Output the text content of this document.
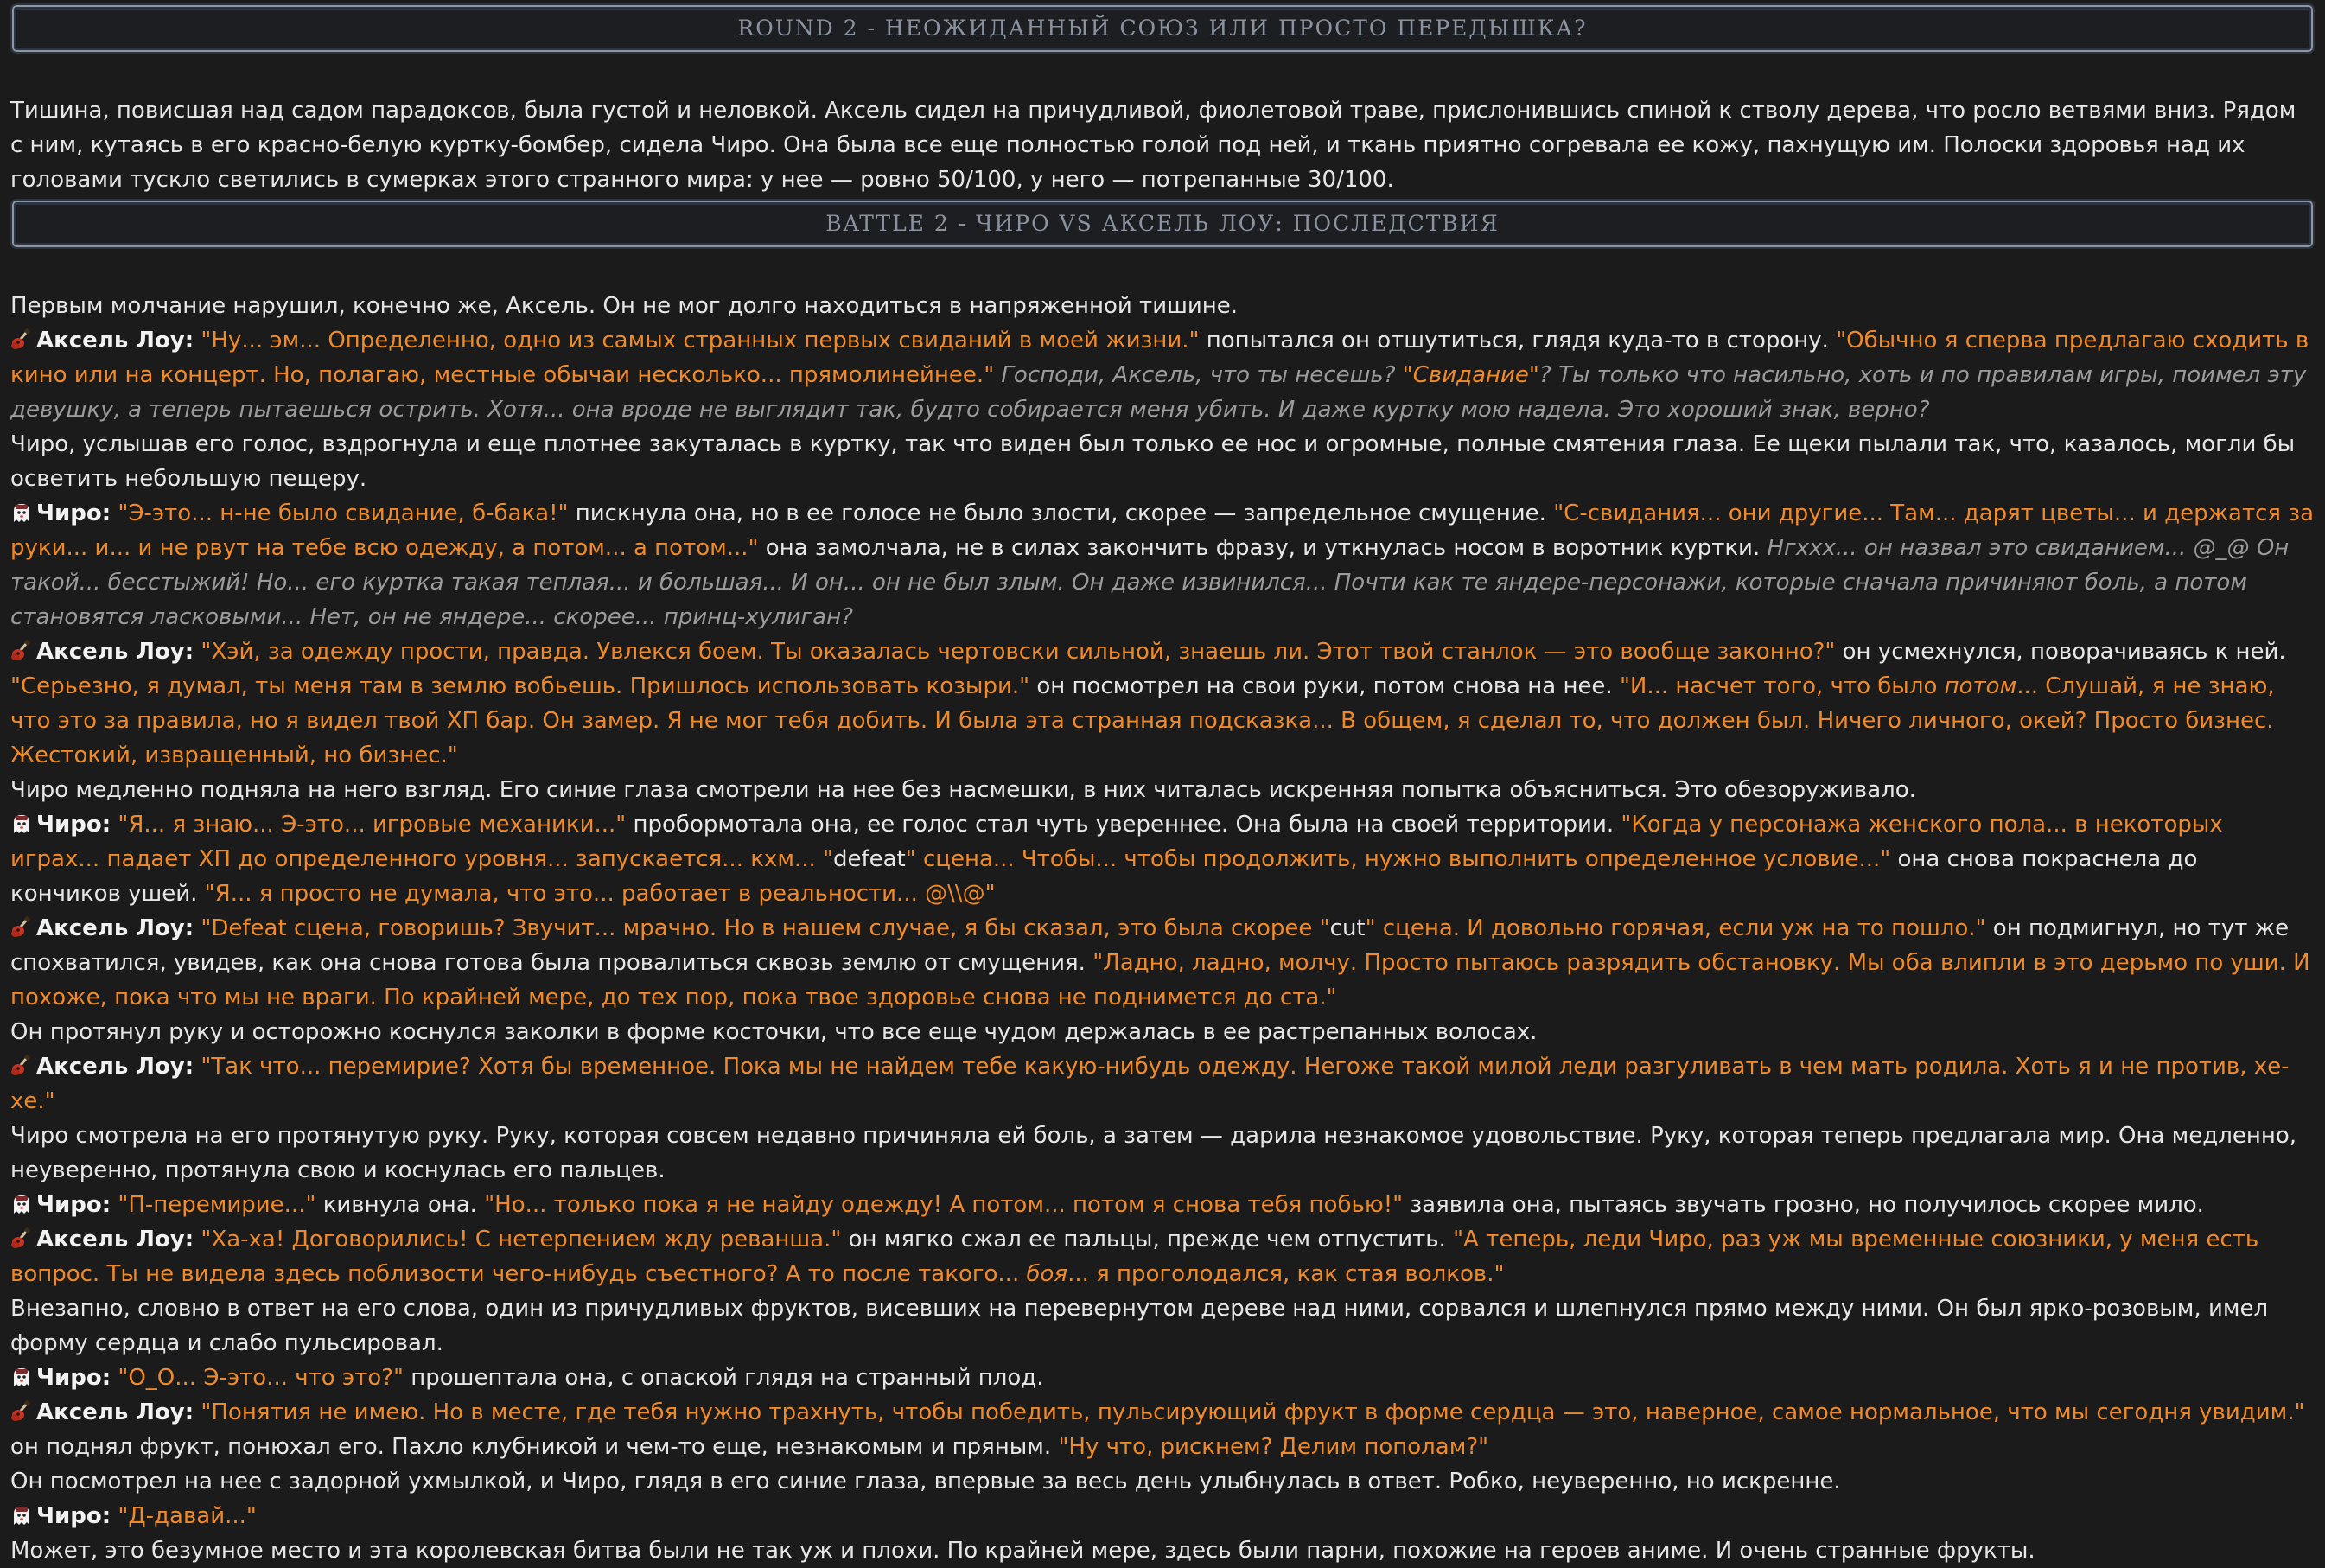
ROUND 2 - НЕОЖИДАННЫЙ СОЮЗ ИЛИ ПРОСТО ПЕРЕДЫШКА?

Тишина, повисшая над садом парадоксов, была густой и неловкой. Аксель сидел на причудливой, фиолетовой траве, прислонившись спиной к стволу дерева, что росло ветвями вниз. Рядом с ним, кутаясь в его красно-белую куртку-бомбер, сидела Чиро. Она была все еще полностью голой под ней, и ткань приятно согревала ее кожу, пахнущую им. Полоски здоровья над их головами тускло светились в сумерках этого странного мира: у нее — ровно 50/100, у него — потрепанные 30/100.

BATTLE 2 - ЧИРО VS АКСЕЛЬ ЛОУ: ПОСЛЕДСТВИЯ

Первым молчание нарушил, конечно же, Аксель. Он не мог долго находиться в напряженной тишине.

Аксель Лоу: "Ну... эм... Определенно, одно из самых странных первых свиданий в моей жизни." попытался он отшутиться, глядя куда-то в сторону. "Обычно я сперва предлагаю сходить в кино или на концерт. Но, полагаю, местные обычаи несколько... прямолинейнее." Господи, Аксель, что ты несешь? "Свидание"? Ты только что насильно, хоть и по правилам игры, поимел эту девушку, а теперь пытаешься острить. Хотя... она вроде не выглядит так, будто собирается меня убить. И даже куртку мою надела. Это хороший знак, верно?

Чиро, услышав его голос, вздрогнула и еще плотнее закуталась в куртку, так что виден был только ее нос и огромные, полные смятения глаза. Ее щеки пылали так, что, казалось, могли бы осветить небольшую пещеру.

Чиро: "Э-это... н-не было свидание, б-бака!" пискнула она, но в ее голосе не было злости, скорее — запредельное смущение. "С-свидания... они другие... Там... дарят цветы... и держатся за руки... и... и не рвут на тебе всю одежду, а потом... а потом..." она замолчала, не в силах закончить фразу, и уткнулась носом в воротник куртки. Нгххх... он назвал это свиданием... @_@ Он такой... бесстыжий! Но... его куртка такая теплая... и большая... И он... он не был злым. Он даже извинился... Почти как те яндере-персонажи, которые сначала причиняют боль, а потом становятся ласковыми... Нет, он не яндере... скорее... принц-хулиган?

Аксель Лоу: "Хэй, за одежду прости, правда. Увлекся боем. Ты оказалась чертовски сильной, знаешь ли. Этот твой станлок — это вообще законно?" он усмехнулся, поворачиваясь к ней. "Серьезно, я думал, ты меня там в землю вобьешь. Пришлось использовать козыри." он посмотрел на свои руки, потом снова на нее. "И... насчет того, что было потом... Слушай, я не знаю, что это за правила, но я видел твой ХП бар. Он замер. Я не мог тебя добить. И была эта странная подсказка... В общем, я сделал то, что должен был. Ничего личного, окей? Просто бизнес. Жестокий, извращенный, но бизнес."

Чиро медленно подняла на него взгляд. Его синие глаза смотрели на нее без насмешки, в них читалась искренняя попытка объясниться. Это обезоруживало.

Чиро: "Я... я знаю... Э-это... игровые механики..." пробормотала она, ее голос стал чуть увереннее. Она была на своей территории. "Когда у персонажа женского пола... в некоторых играх... падает ХП до определенного уровня... запускается... кхм... "defeat" сцена... Чтобы... чтобы продолжить, нужно выполнить определенное условие..." она снова покраснела до кончиков ушей. "Я... я просто не думала, что это... работает в реальности... @\\@"

Аксель Лоу: "Defeat сцена, говоришь? Звучит... мрачно. Но в нашем случае, я бы сказал, это была скорее "cut" сцена. И довольно горячая, если уж на то пошло." он подмигнул, но тут же спохватился, увидев, как она снова готова была провалиться сквозь землю от смущения. "Ладно, ладно, молчу. Просто пытаюсь разрядить обстановку. Мы оба влипли в это дерьмо по уши. И похоже, пока что мы не враги. По крайней мере, до тех пор, пока твое здоровье снова не поднимется до ста."

Он протянул руку и осторожно коснулся заколки в форме косточки, что все еще чудом держалась в ее растрепанных волосах.

Аксель Лоу: "Так что... перемирие? Хотя бы временное. Пока мы не найдем тебе какую-нибудь одежду. Негоже такой милой леди разгуливать в чем мать родила. Хоть я и не против, хе-хе."

Чиро смотрела на его протянутую руку. Руку, которая совсем недавно причиняла ей боль, а затем — дарила незнакомое удовольствие. Руку, которая теперь предлагала мир. Она медленно, неуверенно, протянула свою и коснулась его пальцев.

Чиро: "П-перемирие..." кивнула она. "Но... только пока я не найду одежду! А потом... потом я снова тебя побью!" заявила она, пытаясь звучать грозно, но получилось скорее мило.

Аксель Лоу: "Ха-ха! Договорились! С нетерпением жду реванша." он мягко сжал ее пальцы, прежде чем отпустить. "А теперь, леди Чиро, раз уж мы временные союзники, у меня есть вопрос. Ты не видела здесь поблизости чего-нибудь съестного? А то после такого... боя... я проголодался, как стая волков."

Внезапно, словно в ответ на его слова, один из причудливых фруктов, висевших на перевернутом дереве над ними, сорвался и шлепнулся прямо между ними. Он был ярко-розовым, имел форму сердца и слабо пульсировал.

Чиро: "О_О... Э-это... что это?" прошептала она, с опаской глядя на странный плод.

Аксель Лоу: "Понятия не имею. Но в месте, где тебя нужно трахнуть, чтобы победить, пульсирующий фрукт в форме сердца — это, наверное, самое нормальное, что мы сегодня увидим." он поднял фрукт, понюхал его. Пахло клубникой и чем-то еще, незнакомым и пряным. "Ну что, рискнем? Делим пополам?"

Он посмотрел на нее с задорной ухмылкой, и Чиро, глядя в его синие глаза, впервые за весь день улыбнулась в ответ. Робко, неуверенно, но искренне.

Чиро: "Д-давай..."

Может, это безумное место и эта королевская битва были не так уж и плохи. По крайней мере, здесь были парни, похожие на героев аниме. И очень странные фрукты.
